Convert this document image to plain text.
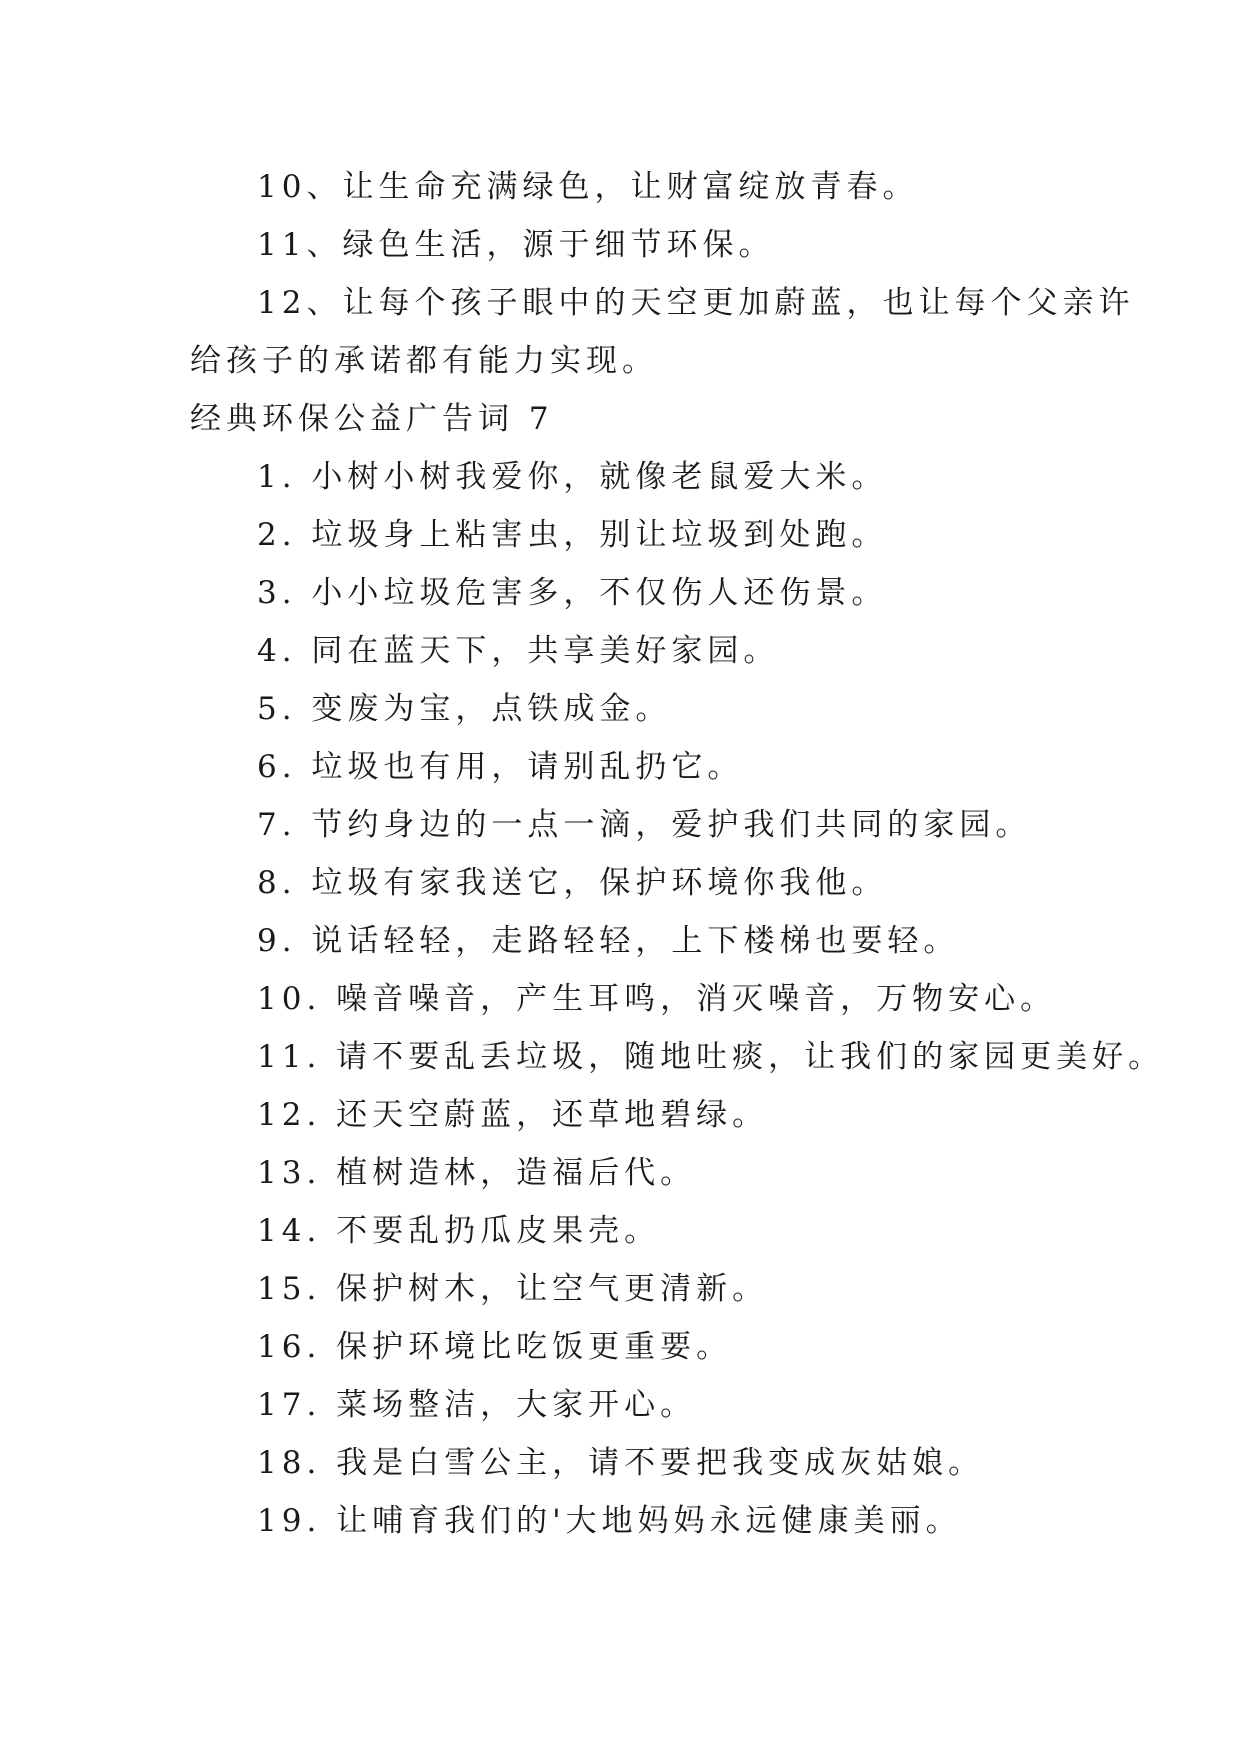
10、让生命充满绿色，让财富绽放青春。
11、绿色生活，源于细节环保。
12、让每个孩子眼中的天空更加蔚蓝，也让每个父亲许
给孩子的承诺都有能力实现。
经典环保公益广告词 7
1. 小树小树我爱你，就像老鼠爱大米。
2. 垃圾身上粘害虫，别让垃圾到处跑。
3. 小小垃圾危害多，不仅伤人还伤景。
4. 同在蓝天下，共享美好家园。
5. 变废为宝，点铁成金。
6. 垃圾也有用，请别乱扔它。
7. 节约身边的一点一滴，爱护我们共同的家园。
8. 垃圾有家我送它，保护环境你我他。
9. 说话轻轻，走路轻轻，上下楼梯也要轻。
10. 噪音噪音，产生耳鸣，消灭噪音，万物安心。
11. 请不要乱丢垃圾，随地吐痰，让我们的家园更美好。
12. 还天空蔚蓝，还草地碧绿。
13. 植树造林，造福后代。
14. 不要乱扔瓜皮果壳。
15. 保护树木，让空气更清新。
16. 保护环境比吃饭更重要。
17. 菜场整洁，大家开心。
18. 我是白雪公主，请不要把我变成灰姑娘。
19. 让哺育我们的'大地妈妈永远健康美丽。
